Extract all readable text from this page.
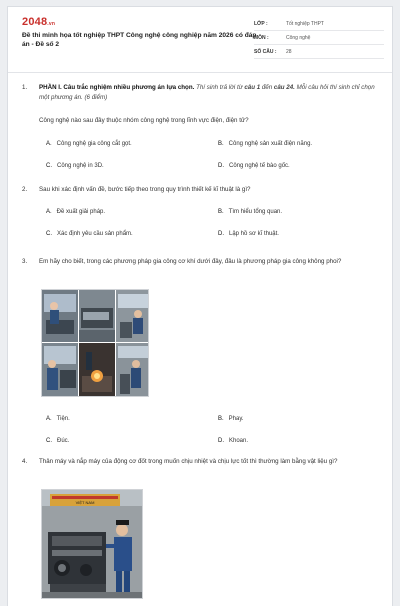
2048.vn
Đề thi minh họa tốt nghiệp THPT Công nghệ công nghiệp năm 2026 có đáp án - Đề số 2
LỚP :	Tốt nghiệp THPT
MÔN :	Công nghệ
SỐ CÂU :	28
1.	PHẦN I. Câu trắc nghiệm nhiều phương án lựa chọn. Thí sinh trả lời từ câu 1 đến câu 24. Mỗi câu hỏi thí sinh chỉ chọn một phương án. (6 điểm)
Công nghệ nào sau đây thuộc nhóm công nghệ trong lĩnh vực điện, điện tử?
A. Công nghệ gia công cắt gọt.	B. Công nghệ sản xuất điện năng.
C. Công nghệ in 3D.	D. Công nghệ tế bào gốc.
2.	Sau khi xác định vấn đề, bước tiếp theo trong quy trình thiết kế kĩ thuật là gì?
A. Đề xuất giải pháp.	B. Tìm hiểu tổng quan.
C. Xác định yêu cầu sản phẩm.	D. Lập hồ sơ kĩ thuật.
3.	Em hãy cho biết, trong các phương pháp gia công cơ khí dưới đây, đâu là phương pháp gia công không phoi?
A. Tiện.	B. Phay.
C. Đúc.	D. Khoan.
4.	Thân máy và nắp máy của động cơ đốt trong muốn chịu nhiệt và chịu lực tốt thì thường làm bằng vật liệu gì?
VIỆT NAM
